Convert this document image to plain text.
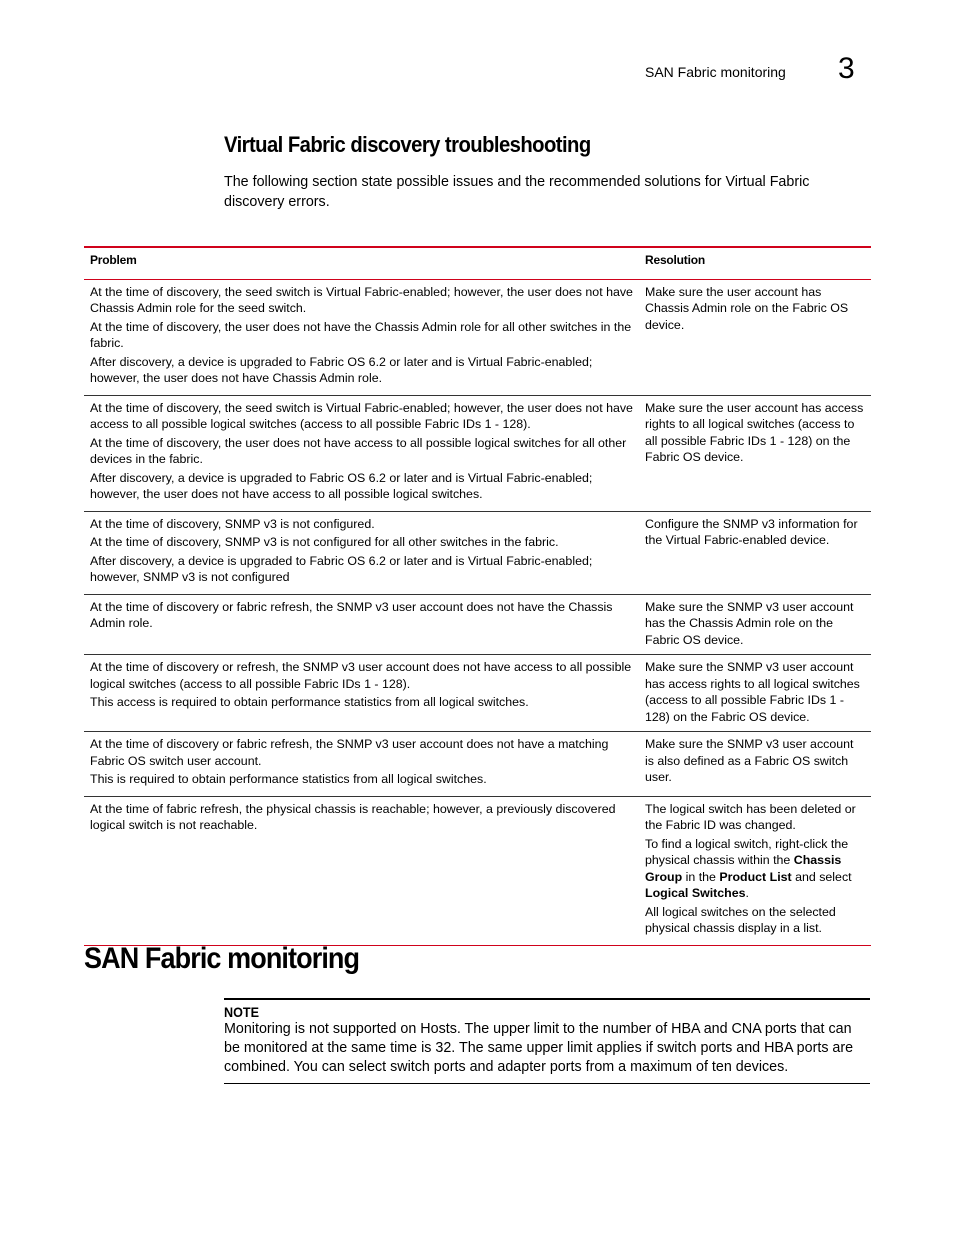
SAN Fabric monitoring 3
Virtual Fabric discovery troubleshooting

The following section state possible issues and the recommended solutions for Virtual Fabric discovery errors.

Problem	Resolution

At the time of discovery, the seed switch is Virtual Fabric-enabled; however, the user does not have Chassis Admin role for the seed switch.
At the time of discovery, the user does not have the Chassis Admin role for all other switches in the fabric.
After discovery, a device is upgraded to Fabric OS 6.2 or later and is Virtual Fabric-enabled; however, the user does not have Chassis Admin role.	Make sure the user account has Chassis Admin role on the Fabric OS device.

At the time of discovery, the seed switch is Virtual Fabric-enabled; however, the user does not have access to all possible logical switches (access to all possible Fabric IDs 1 - 128).
At the time of discovery, the user does not have access to all possible logical switches for all other devices in the fabric.
After discovery, a device is upgraded to Fabric OS 6.2 or later and is Virtual Fabric-enabled; however, the user does not have access to all possible logical switches.	Make sure the user account has access rights to all logical switches (access to all possible Fabric IDs 1 - 128) on the Fabric OS device.

At the time of discovery, SNMP v3 is not configured.
At the time of discovery, SNMP v3 is not configured for all other switches in the fabric.
After discovery, a device is upgraded to Fabric OS 6.2 or later and is Virtual Fabric-enabled; however, SNMP v3 is not configured	Configure the SNMP v3 information for the Virtual Fabric-enabled device.

At the time of discovery or fabric refresh, the SNMP v3 user account does not have the Chassis Admin role.	Make sure the SNMP v3 user account has the Chassis Admin role on the Fabric OS device.

At the time of discovery or refresh, the SNMP v3 user account does not have access to all possible logical switches (access to all possible Fabric IDs 1 - 128).
This access is required to obtain performance statistics from all logical switches.	Make sure the SNMP v3 user account has access rights to all logical switches (access to all possible Fabric IDs 1 - 128) on the Fabric OS device.

At the time of discovery or fabric refresh, the SNMP v3 user account does not have a matching Fabric OS switch user account.
This is required to obtain performance statistics from all logical switches.	Make sure the SNMP v3 user account is also defined as a Fabric OS switch user.

At the time of fabric refresh, the physical chassis is reachable; however, a previously discovered logical switch is not reachable.	The logical switch has been deleted or the Fabric ID was changed.
To find a logical switch, right-click the physical chassis within the Chassis Group in the Product List and select Logical Switches.
All logical switches on the selected physical chassis display in a list.
SAN Fabric monitoring
NOTE
Monitoring is not supported on Hosts. The upper limit to the number of HBA and CNA ports that can be monitored at the same time is 32. The same upper limit applies if switch ports and HBA ports are combined. You can select switch ports and adapter ports from a maximum of ten devices.
